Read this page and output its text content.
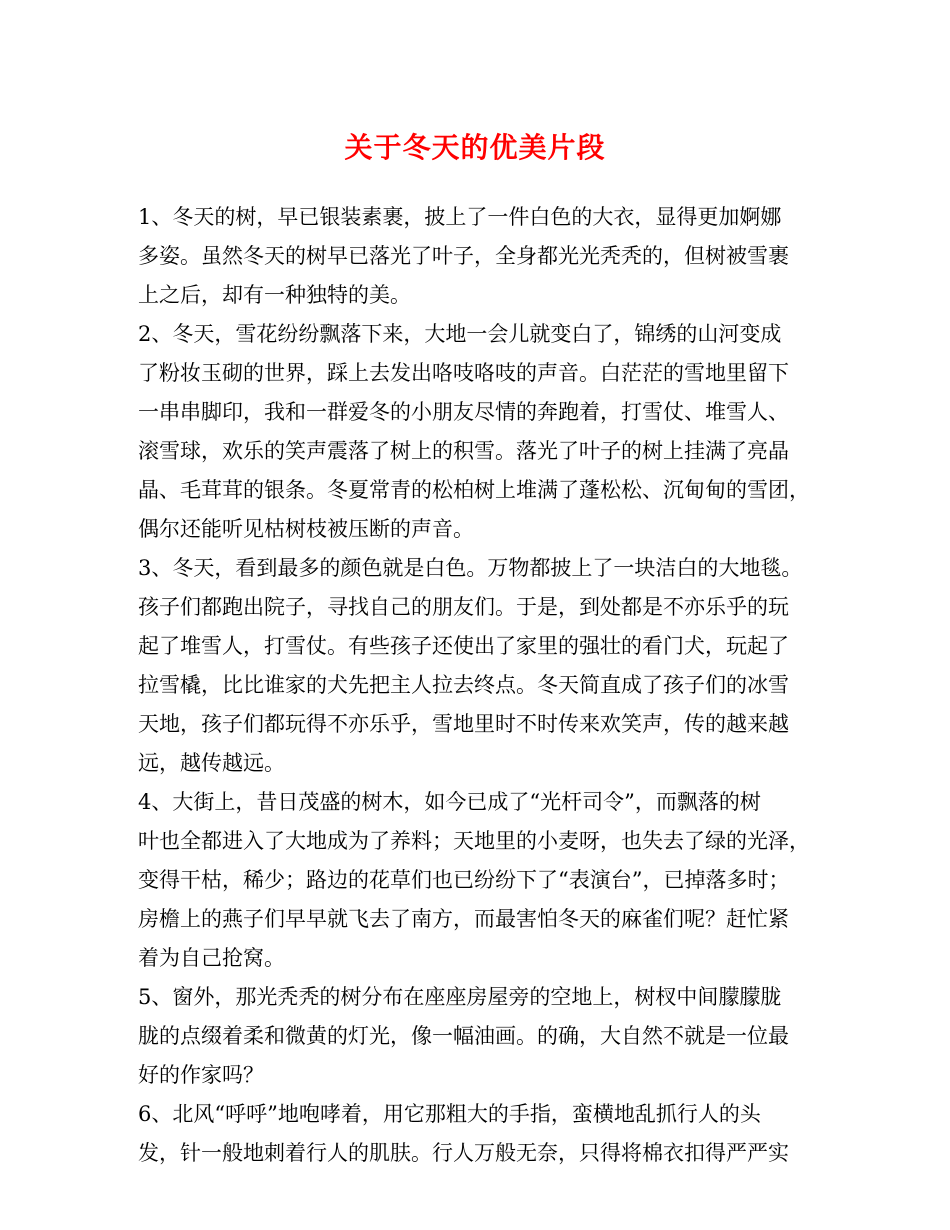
关于冬天的优美片段

1、冬天的树，早已银装素裹，披上了一件白色的大衣，显得更加婀娜
多姿。虽然冬天的树早已落光了叶子，全身都光光秃秃的，但树被雪裹
上之后，却有一种独特的美。

2、冬天，雪花纷纷飘落下来，大地一会儿就变白了，锦绣的山河变成
了粉妆玉砌的世界，踩上去发出咯吱咯吱的声音。白茫茫的雪地里留下
一串串脚印，我和一群爱冬的小朋友尽情的奔跑着，打雪仗、堆雪人、
滚雪球，欢乐的笑声震落了树上的积雪。落光了叶子的树上挂满了亮晶
晶、毛茸茸的银条。冬夏常青的松柏树上堆满了蓬松松、沉甸甸的雪团，
偶尔还能听见枯树枝被压断的声音。

3、冬天，看到最多的颜色就是白色。万物都披上了一块洁白的大地毯。
孩子们都跑出院子，寻找自己的朋友们。于是，到处都是不亦乐乎的玩
起了堆雪人，打雪仗。有些孩子还使出了家里的强壮的看门犬，玩起了
拉雪橇，比比谁家的犬先把主人拉去终点。冬天简直成了孩子们的冰雪
天地，孩子们都玩得不亦乐乎，雪地里时不时传来欢笑声，传的越来越
远，越传越远。

4、大街上，昔日茂盛的树木，如今已成了“光杆司令”，而飘落的树
叶也全都进入了大地成为了养料；天地里的小麦呀，也失去了绿的光泽，
变得干枯，稀少；路边的花草们也已纷纷下了“表演台”，已掉落多时；
房檐上的燕子们早早就飞去了南方，而最害怕冬天的麻雀们呢？赶忙紧
着为自己抢窝。

5、窗外，那光秃秃的树分布在座座房屋旁的空地上，树杈中间朦朦胧
胧的点缀着柔和微黄的灯光，像一幅油画。的确，大自然不就是一位最
好的作家吗？

6、北风“呼呼”地咆哮着，用它那粗大的手指，蛮横地乱抓行人的头
发，针一般地刺着行人的肌肤。行人万般无奈，只得将棉衣扣得严严实
